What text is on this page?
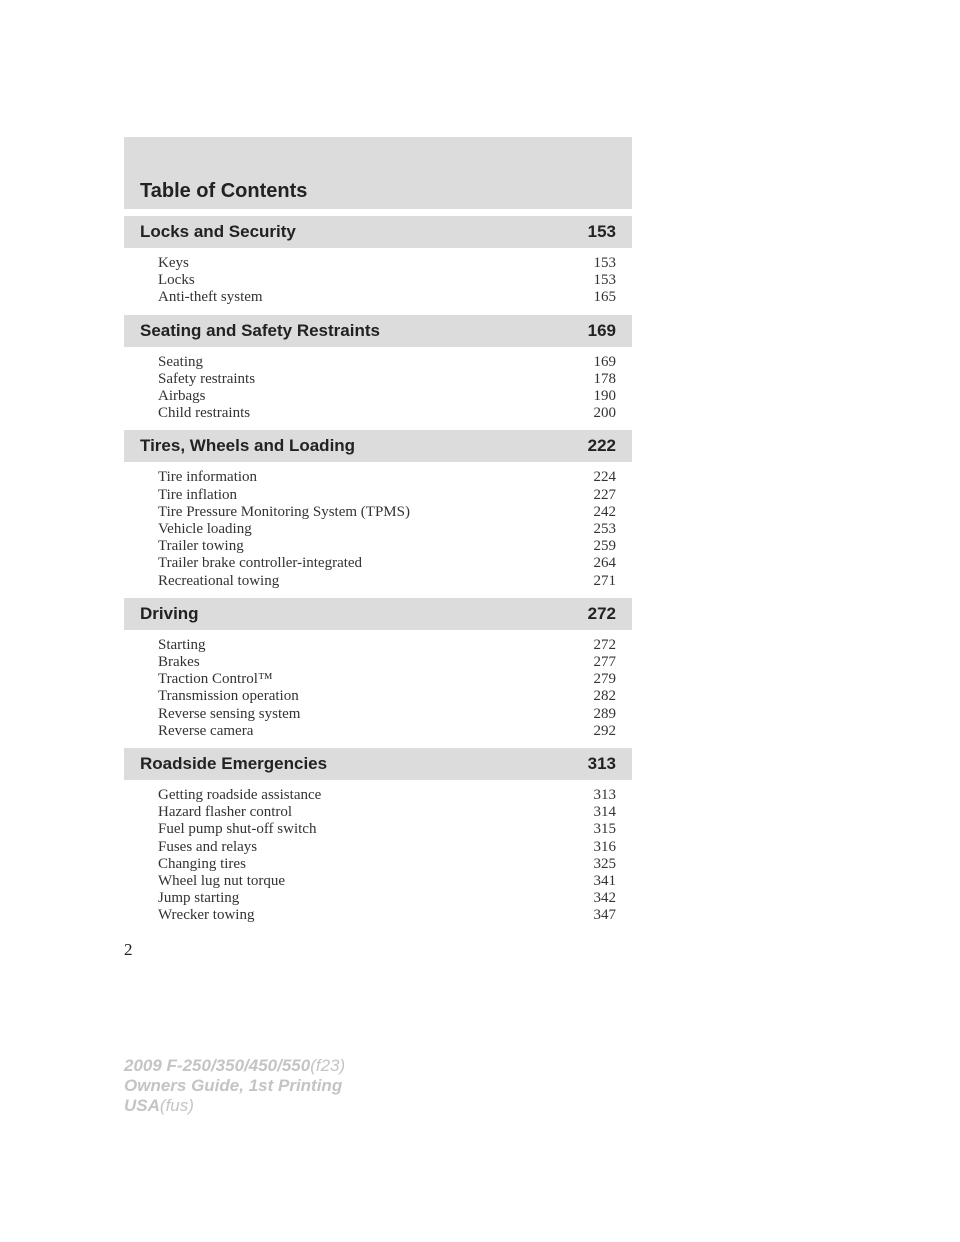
Table of Contents
Locks and Security	153
Keys	153
Locks	153
Anti-theft system	165
Seating and Safety Restraints	169
Seating	169
Safety restraints	178
Airbags	190
Child restraints	200
Tires, Wheels and Loading	222
Tire information	224
Tire inflation	227
Tire Pressure Monitoring System (TPMS)	242
Vehicle loading	253
Trailer towing	259
Trailer brake controller-integrated	264
Recreational towing	271
Driving	272
Starting	272
Brakes	277
Traction Control™	279
Transmission operation	282
Reverse sensing system	289
Reverse camera	292
Roadside Emergencies	313
Getting roadside assistance	313
Hazard flasher control	314
Fuel pump shut-off switch	315
Fuses and relays	316
Changing tires	325
Wheel lug nut torque	341
Jump starting	342
Wrecker towing	347
2
2009 F-250/350/450/550(f23)
Owners Guide, 1st Printing
USA(fus)
